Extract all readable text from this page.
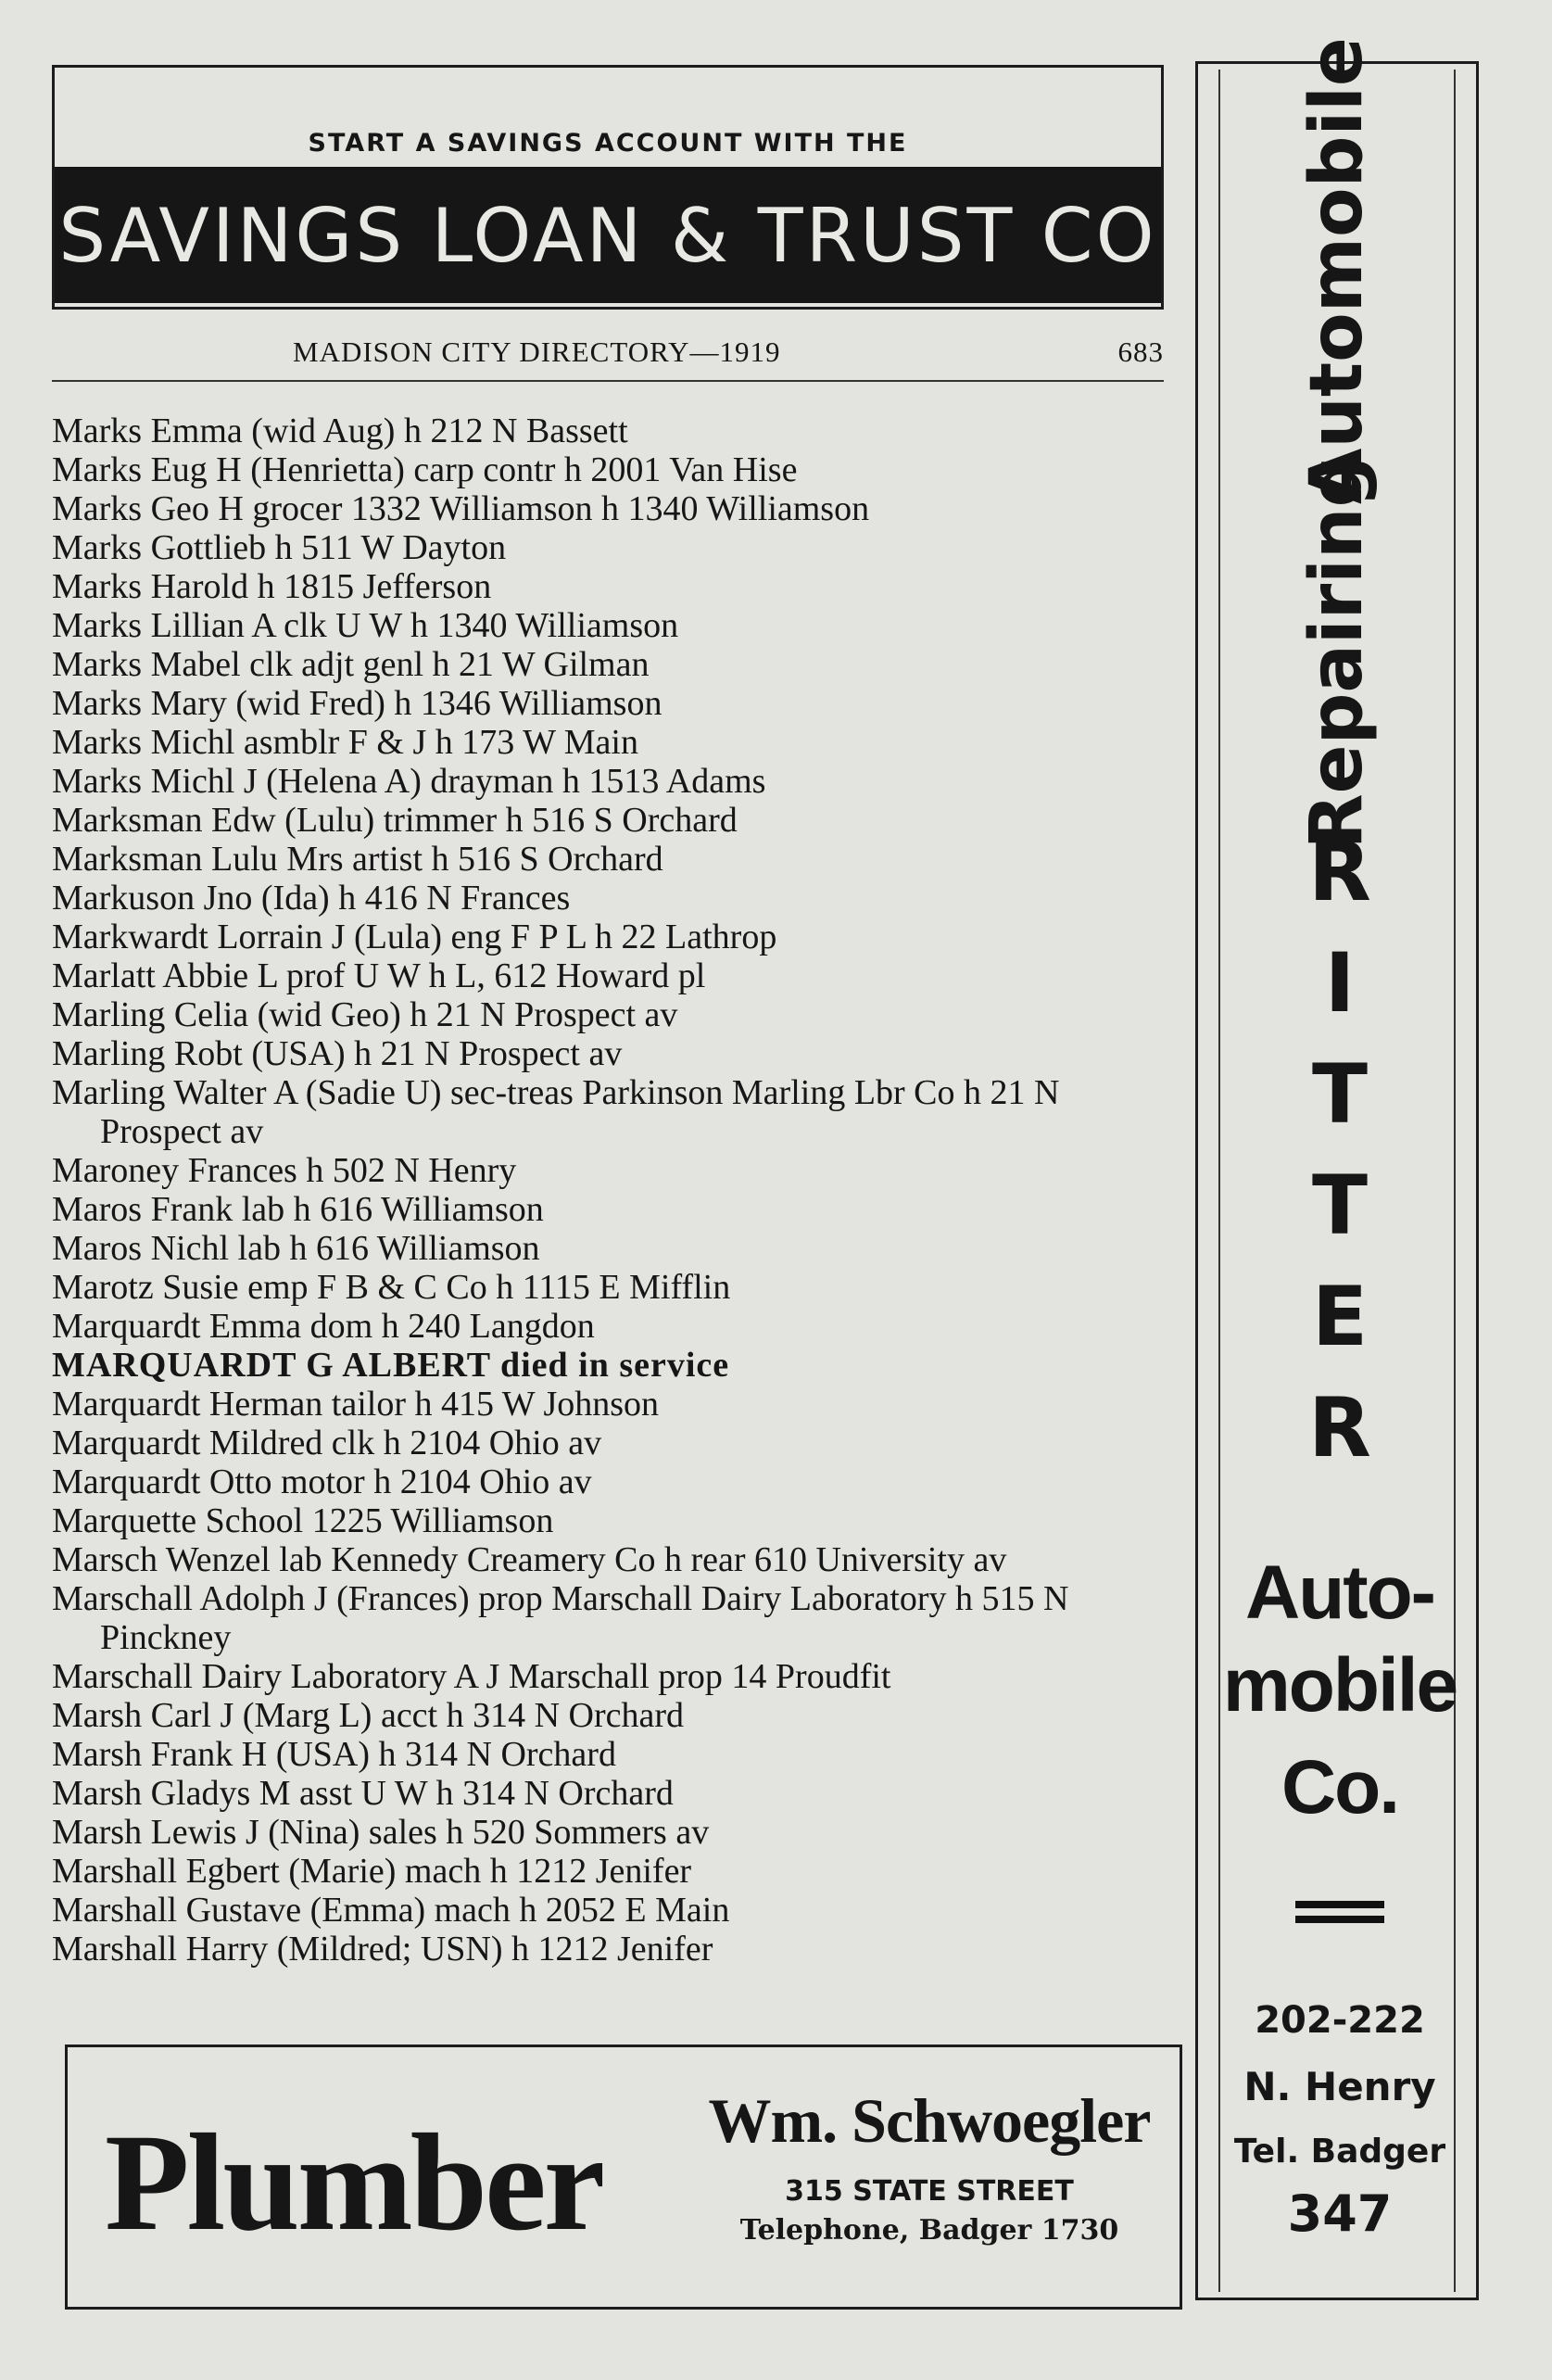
START A SAVINGS ACCOUNT WITH THE
SAVINGS LOAN & TRUST CO
MADISON CITY DIRECTORY—1919	683
Marks Emma (wid Aug) h 212 N Bassett
Marks Eug H (Henrietta) carp contr h 2001 Van Hise
Marks Geo H grocer 1332 Williamson h 1340 Williamson
Marks Gottlieb h 511 W Dayton
Marks Harold h 1815 Jefferson
Marks Lillian A clk U W h 1340 Williamson
Marks Mabel clk adjt genl h 21 W Gilman
Marks Mary (wid Fred) h 1346 Williamson
Marks Michl asmblr F & J h 173 W Main
Marks Michl J (Helena A) drayman h 1513 Adams
Marksman Edw (Lulu) trimmer h 516 S Orchard
Marksman Lulu Mrs artist h 516 S Orchard
Markuson Jno (Ida) h 416 N Frances
Markwardt Lorrain J (Lula) eng F P L h 22 Lathrop
Marlatt Abbie L prof U W h L, 612 Howard pl
Marling Celia (wid Geo) h 21 N Prospect av
Marling Robt (USA) h 21 N Prospect av
Marling Walter A (Sadie U) sec-treas Parkinson Marling Lbr Co h 21 N Prospect av
Maroney Frances h 502 N Henry
Maros Frank lab h 616 Williamson
Maros Nichl lab h 616 Williamson
Marotz Susie emp F B & C Co h 1115 E Mifflin
Marquardt Emma dom h 240 Langdon
MARQUARDT G ALBERT died in service
Marquardt Herman tailor h 415 W Johnson
Marquardt Mildred clk h 2104 Ohio av
Marquardt Otto motor h 2104 Ohio av
Marquette School 1225 Williamson
Marsch Wenzel lab Kennedy Creamery Co h rear 610 University av
Marschall Adolph J (Frances) prop Marschall Dairy Laboratory h 515 N Pinckney
Marschall Dairy Laboratory A J Marschall prop 14 Proudfit
Marsh Carl J (Marg L) acct h 314 N Orchard
Marsh Frank H (USA) h 314 N Orchard
Marsh Gladys M asst U W h 314 N Orchard
Marsh Lewis J (Nina) sales h 520 Sommers av
Marshall Egbert (Marie) mach h 1212 Jenifer
Marshall Gustave (Emma) mach h 2052 E Main
Marshall Harry (Mildred; USN) h 1212 Jenifer
Automobile
Repairing
R
I
T
T
E
R
Auto-
mobile
Co.
202-222
N. Henry
Tel. Badger
347
Plumber Wm. Schwoegler
315 STATE STREET
Telephone, Badger 1730
